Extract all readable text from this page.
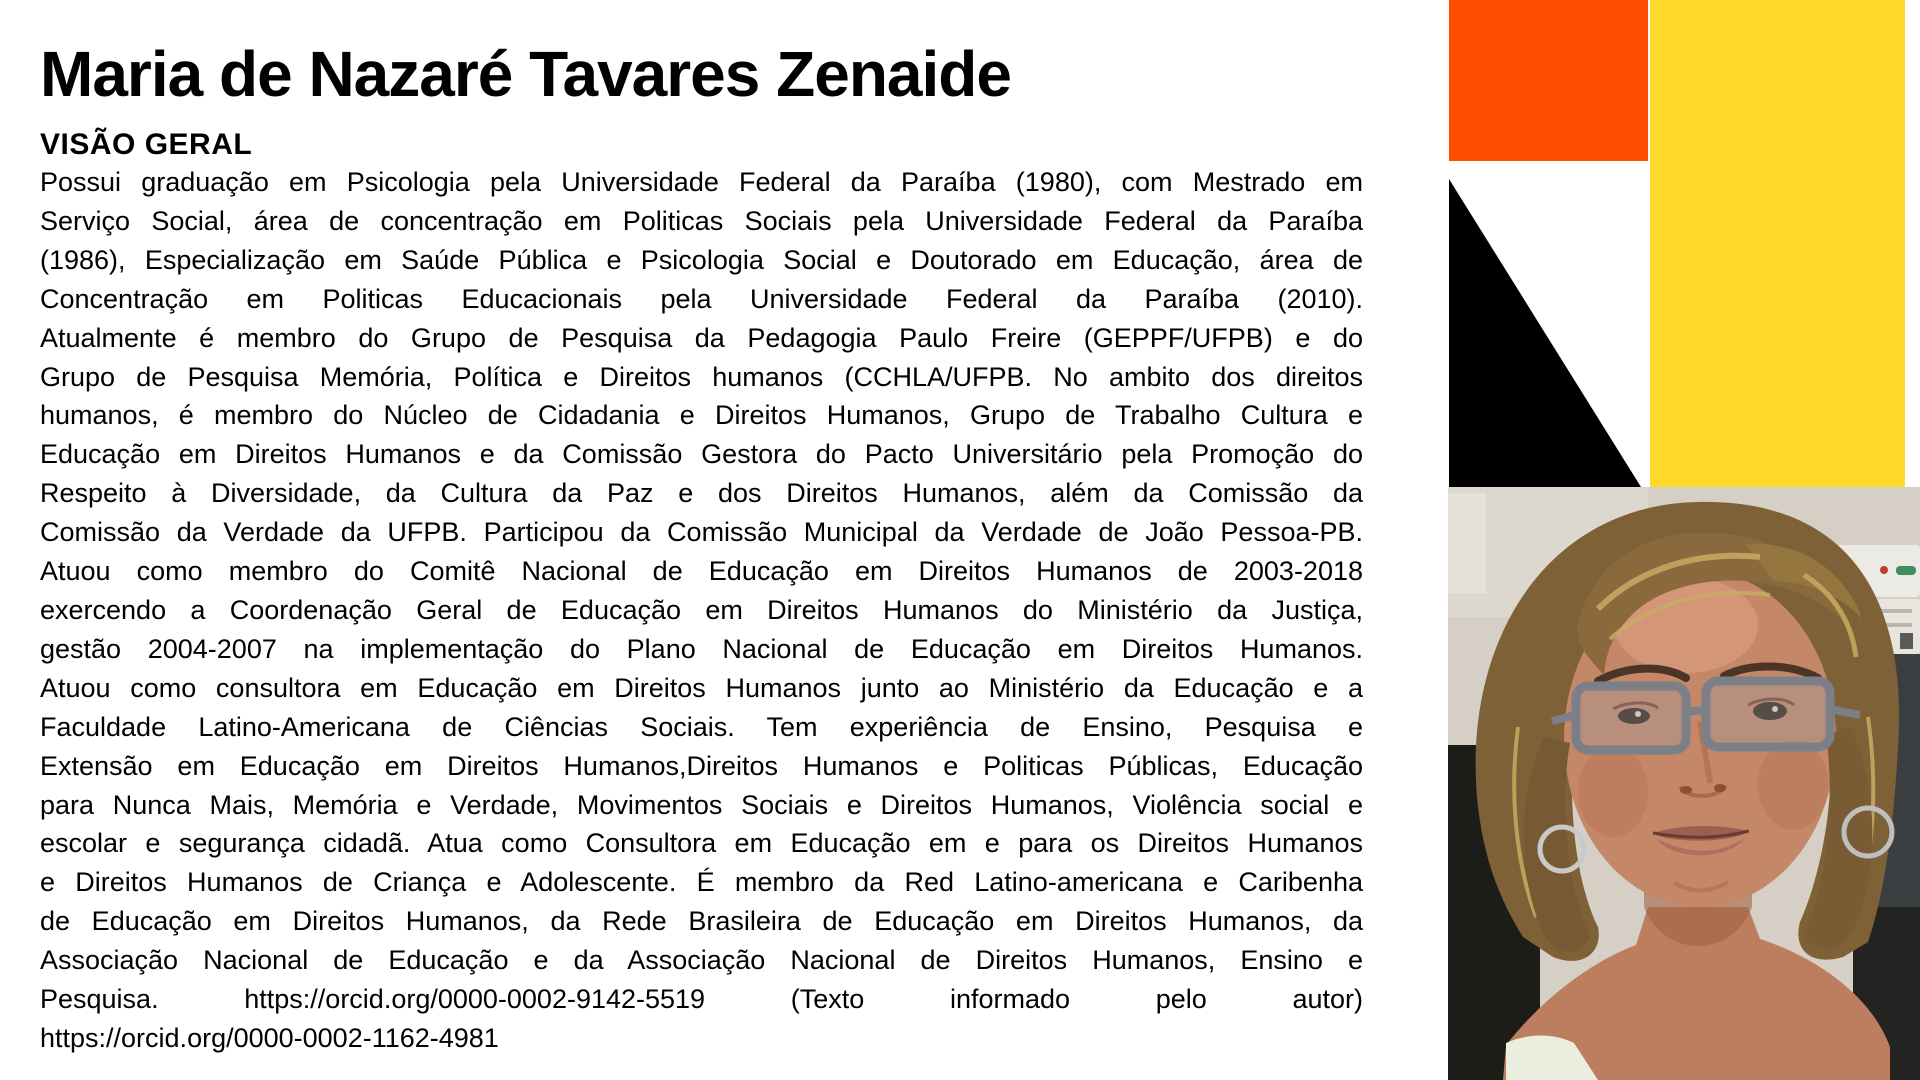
Maria de Nazaré Tavares Zenaide
VISÃO GERAL
Possui graduação em Psicologia pela Universidade Federal da Paraíba (1980), com Mestrado em
Serviço Social, área de concentração em Politicas Sociais pela Universidade Federal da Paraíba
(1986), Especialização em Saúde Pública e Psicologia Social e Doutorado em Educação, área de
Concentração em Politicas Educacionais pela Universidade Federal da Paraíba (2010).
Atualmente é membro do Grupo de Pesquisa da Pedagogia Paulo Freire (GEPPF/UFPB) e do
Grupo de Pesquisa Memória, Política e Direitos humanos (CCHLA/UFPB. No ambito dos direitos
humanos, é membro do Núcleo de Cidadania e Direitos Humanos, Grupo de Trabalho Cultura e
Educação em Direitos Humanos e da Comissão Gestora do Pacto Universitário pela Promoção do
Respeito à Diversidade, da Cultura da Paz e dos Direitos Humanos, além da Comissão da
Comissão da Verdade da UFPB. Participou da Comissão Municipal da Verdade de João Pessoa-PB.
Atuou como membro do Comitê Nacional de Educação em Direitos Humanos de 2003-2018
exercendo a Coordenação Geral de Educação em Direitos Humanos do Ministério da Justiça,
gestão 2004-2007 na implementação do Plano Nacional de Educação em Direitos Humanos.
Atuou como consultora em Educação em Direitos Humanos junto ao Ministério da Educação e a
Faculdade Latino-Americana de Ciências Sociais. Tem experiência de Ensino, Pesquisa e
Extensão em Educação em Direitos Humanos,Direitos Humanos e Politicas Públicas, Educação
para Nunca Mais, Memória e Verdade, Movimentos Sociais e Direitos Humanos, Violência social e
escolar e segurança cidadã. Atua como Consultora em Educação em e para os Direitos Humanos
e Direitos Humanos de Criança e Adolescente. É membro da Red Latino-americana e Caribenha
de Educação em Direitos Humanos, da Rede Brasileira de Educação em Direitos Humanos, da
Associação Nacional de Educação e da Associação Nacional de Direitos Humanos, Ensino e
Pesquisa. https://orcid.org/0000-0002-9142-5519 (Texto informado pelo autor)
https://orcid.org/0000-0002-1162-4981
